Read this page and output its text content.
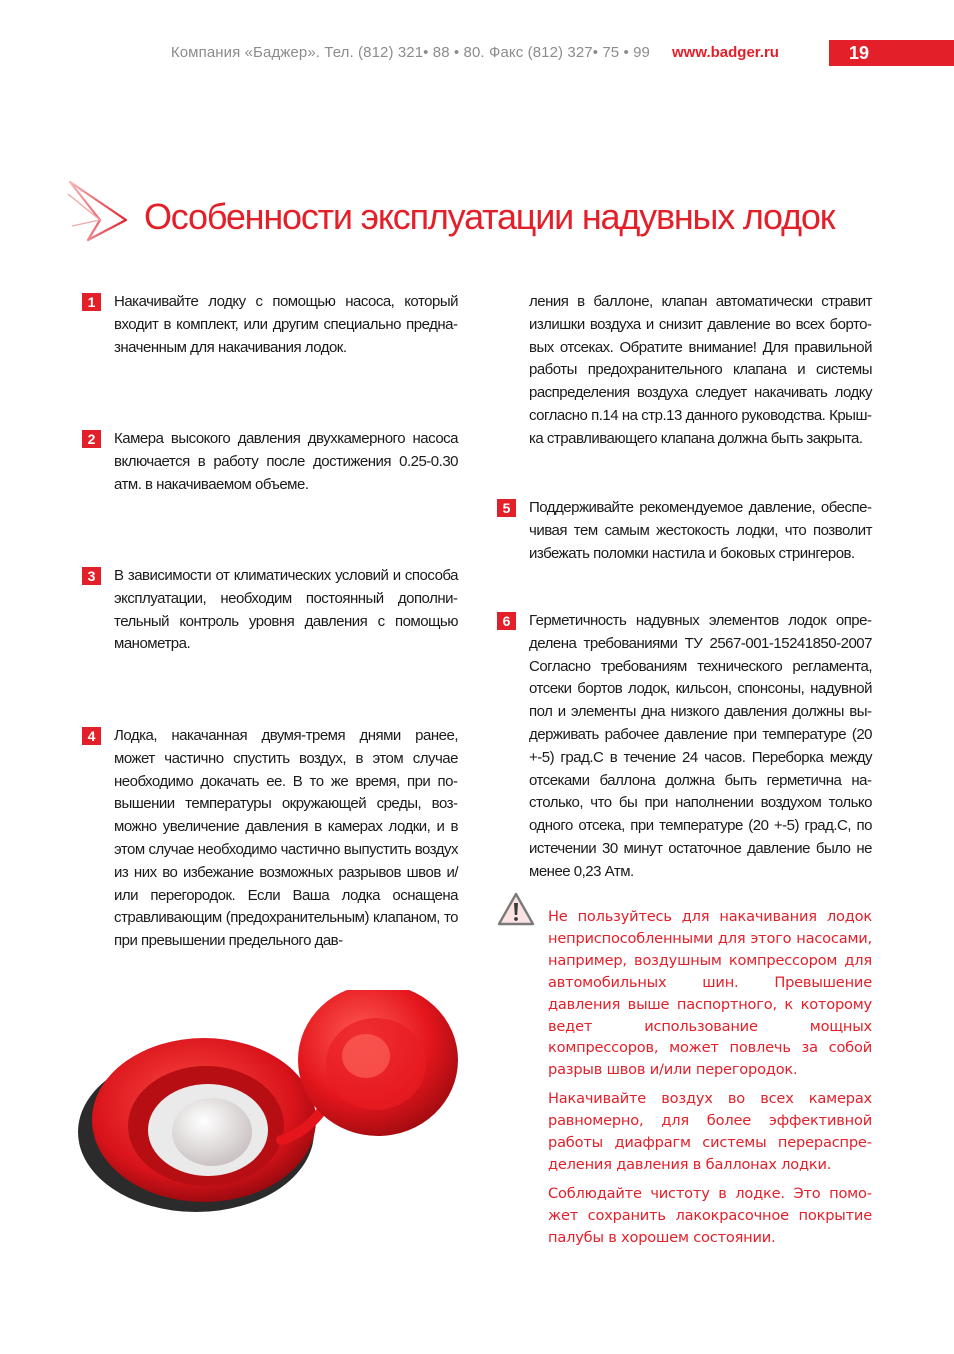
Компания «Баджер». Тел. (812) 321• 88 • 80. Факс (812) 327• 75 • 99 www.badger.ru	19
Особенности эксплуатации надувных лодок
1	Накачивайте лодку с помощью насоса, который входит в комплект, или другим специально предназначенным для накачивания лодок.
2	Камера высокого давления двухкамерного насоса включается в работу после достижения 0.25-0.30 атм. в накачиваемом объеме.
3	В зависимости от климатических условий и способа эксплуатации, необходим постоянный дополнительный контроль уровня давления с помощью манометра.
4	Лодка, накачанная двумя-тремя днями ранее, может частично спустить воздух, в этом случае необходимо докачать ее. В то же время, при повышении температуры окружающей среды, возможно увеличение давления в камерах лодки, и в этом случае необходимо частично выпустить воздух из них во избежание возможных разрывов швов и/или перегородок. Если Ваша лодка оснащена стравливающим (предохранительным) клапаном, то при превышении предельного дав-
ления в баллоне, клапан автоматически стравит излишки воздуха и снизит давление во всех бортовых отсеках. Обратите внимание! Для правильной работы предохранительного клапана и системы распределения воздуха следует накачивать лодку согласно п.14 на стр.13 данного руководства. Крышка стравливающего клапана должна быть закрыта.
5	Поддерживайте рекомендуемое давление, обеспечивая тем самым жестокость лодки, что позволит избежать поломки настила и боковых стрингеров.
6	Герметичность надувных элементов лодок определена требованиями ТУ 2567-001-15241850-2007 Согласно требованиям технического регламента, отсеки бортов лодок, кильсон, спонсоны, надувной пол и элементы дна низкого давления должны выдерживать рабочее давление при температуре (20 +-5) град.С в течение 24 часов. Переборка между отсеками баллона должна быть герметична настолько, что бы при наполнении воздухом только одного отсека, при температуре (20 +-5) град.С, по истечении 30 минут остаточное давление было не менее 0,23 Атм.

Не пользуйтесь для накачивания лодок неприспособленными для этого насосами, например, воздушным компрессором для автомобильных шин. Превышение давления выше паспортного, к которому ведет использование мощных компрессоров, может повлечь за собой разрыв швов и/или перегородок.

Накачивайте воздух во всех камерах равномерно, для более эффективной работы диафрагм системы перераспределения давления в баллонах лодки.

Соблюдайте чистоту в лодке. Это поможет сохранить лакокрасочное покрытие палубы в хорошем состоянии.
